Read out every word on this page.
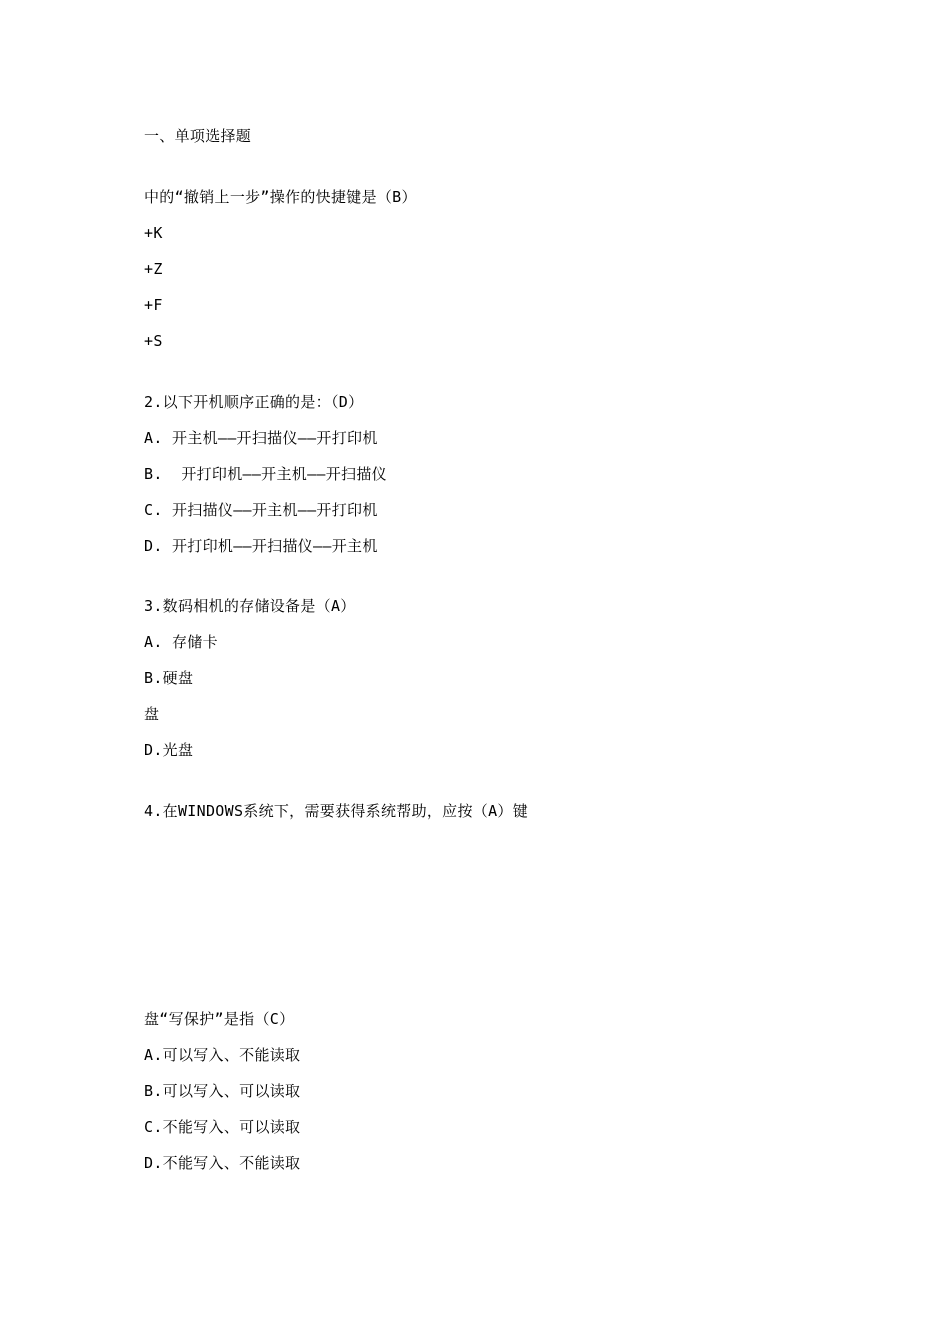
一、单项选择题
中的“撤销上一步”操作的快捷键是（B）
+K
+Z
+F
+S
2.以下开机顺序正确的是：（D）
A. 开主机——开扫描仪——开打印机
B.  开打印机——开主机——开扫描仪
C. 开扫描仪——开主机——开打印机
D. 开打印机——开扫描仪——开主机
3.数码相机的存储设备是（A）
A. 存储卡
B.硬盘
盘
D.光盘
4.在WINDOWS系统下，需要获得系统帮助，应按（A）键
盘“写保护”是指（C）
A.可以写入、不能读取
B.可以写入、可以读取
C.不能写入、可以读取
D.不能写入、不能读取
